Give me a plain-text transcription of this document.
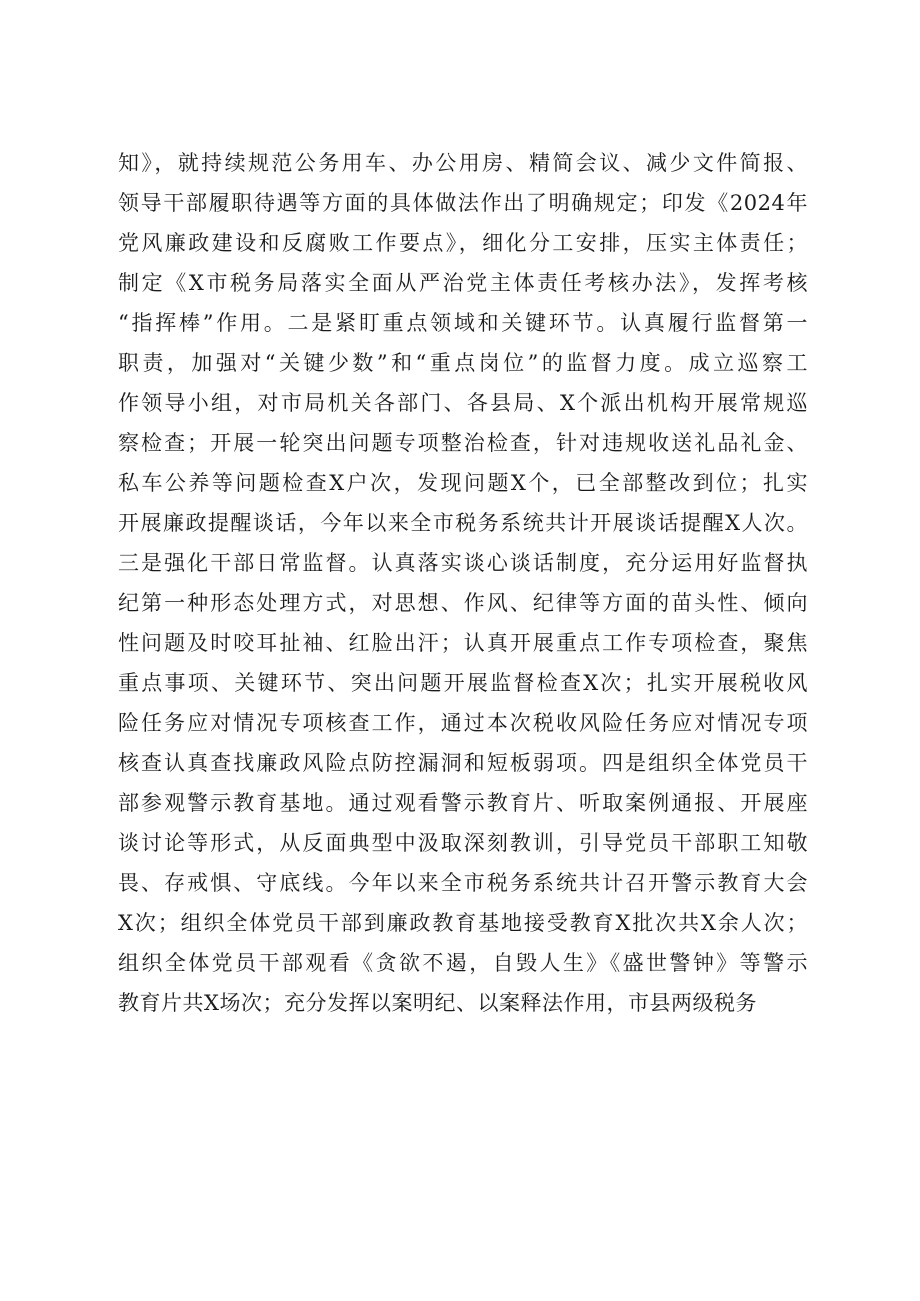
知》，就持续规范公务用车、办公用房、精简会议、减少文件简报、
领导干部履职待遇等方面的具体做法作出了明确规定；印发《2024年
党风廉政建设和反腐败工作要点》，细化分工安排，压实主体责任；
制定《X市税务局落实全面从严治党主体责任考核办法》，发挥考核
“指挥棒”作用。二是紧盯重点领域和关键环节。认真履行监督第一
职责，加强对“关键少数”和“重点岗位”的监督力度。成立巡察工
作领导小组，对市局机关各部门、各县局、X个派出机构开展常规巡
察检查；开展一轮突出问题专项整治检查，针对违规收送礼品礼金、
私车公养等问题检查X户次，发现问题X个，已全部整改到位；扎实
开展廉政提醒谈话，今年以来全市税务系统共计开展谈话提醒X人次。
三是强化干部日常监督。认真落实谈心谈话制度，充分运用好监督执
纪第一种形态处理方式，对思想、作风、纪律等方面的苗头性、倾向
性问题及时咬耳扯袖、红脸出汗；认真开展重点工作专项检查，聚焦
重点事项、关键环节、突出问题开展监督检查X次；扎实开展税收风
险任务应对情况专项核查工作，通过本次税收风险任务应对情况专项
核查认真查找廉政风险点防控漏洞和短板弱项。四是组织全体党员干
部参观警示教育基地。通过观看警示教育片、听取案例通报、开展座
谈讨论等形式，从反面典型中汲取深刻教训，引导党员干部职工知敬
畏、存戒惧、守底线。今年以来全市税务系统共计召开警示教育大会
X次；组织全体党员干部到廉政教育基地接受教育X批次共X余人次；
组织全体党员干部观看《贪欲不遏，自毁人生》《盛世警钟》等警示
教育片共X场次；充分发挥以案明纪、以案释法作用，市县两级税务
